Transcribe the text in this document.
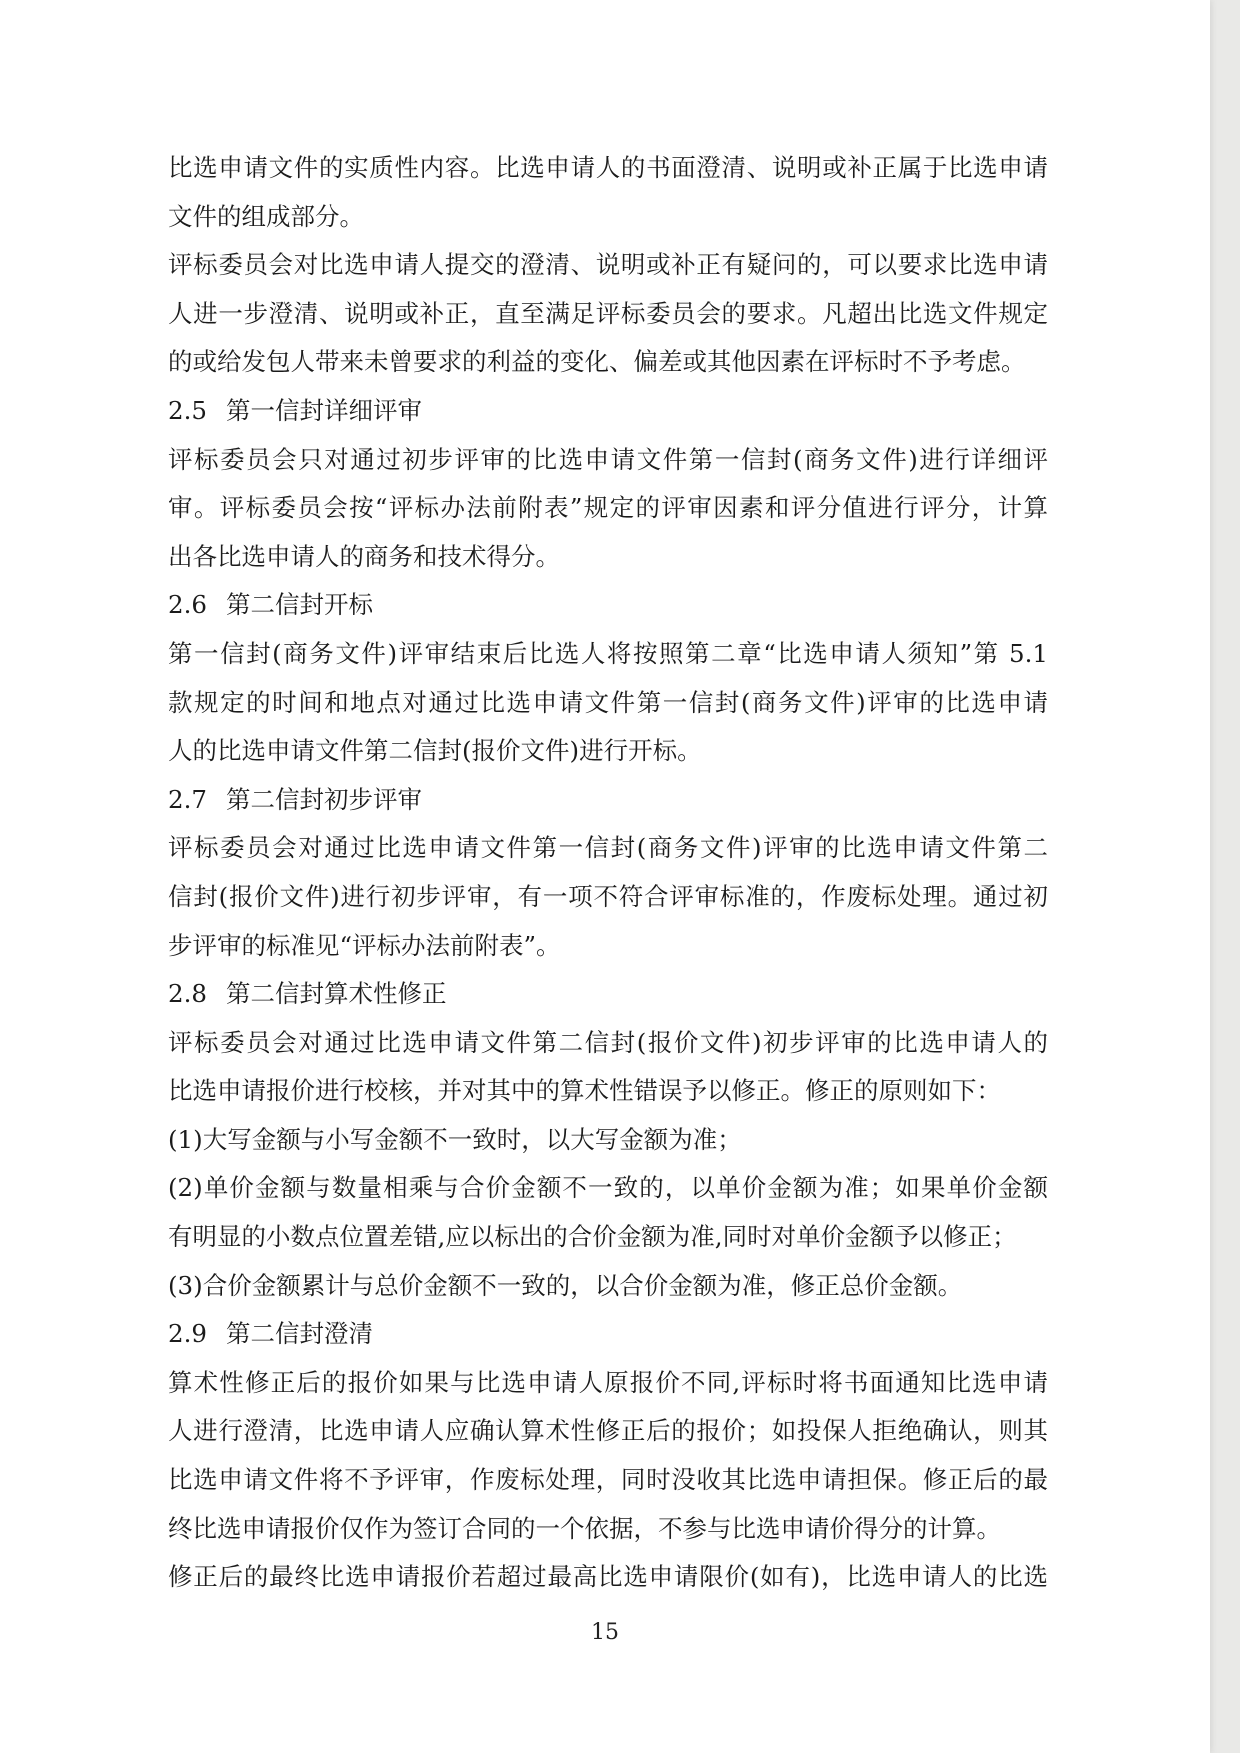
比选申请文件的实质性内容。比选申请人的书面澄清、说明或补正属于比选申请

文件的组成部分。

评标委员会对比选申请人提交的澄清、说明或补正有疑问的，可以要求比选申请

人进一步澄清、说明或补正，直至满足评标委员会的要求。凡超出比选文件规定

的或给发包人带来未曾要求的利益的变化、偏差或其他因素在评标时不予考虑。

2.5 第一信封详细评审

评标委员会只对通过初步评审的比选申请文件第一信封(商务文件)进行详细评

审。评标委员会按“评标办法前附表”规定的评审因素和评分值进行评分，计算

出各比选申请人的商务和技术得分。

2.6 第二信封开标

第一信封(商务文件)评审结束后比选人将按照第二章“比选申请人须知”第 5.1

款规定的时间和地点对通过比选申请文件第一信封(商务文件)评审的比选申请

人的比选申请文件第二信封(报价文件)进行开标。

2.7 第二信封初步评审

评标委员会对通过比选申请文件第一信封(商务文件)评审的比选申请文件第二

信封(报价文件)进行初步评审，有一项不符合评审标准的，作废标处理。通过初

步评审的标准见“评标办法前附表”。

2.8 第二信封算术性修正

评标委员会对通过比选申请文件第二信封(报价文件)初步评审的比选申请人的

比选申请报价进行校核，并对其中的算术性错误予以修正。修正的原则如下：

(1)大写金额与小写金额不一致时，以大写金额为准；

(2)单价金额与数量相乘与合价金额不一致的，以单价金额为准；如果单价金额

有明显的小数点位置差错,应以标出的合价金额为准,同时对单价金额予以修正；

(3)合价金额累计与总价金额不一致的，以合价金额为准，修正总价金额。

2.9 第二信封澄清

算术性修正后的报价如果与比选申请人原报价不同,评标时将书面通知比选申请

人进行澄清，比选申请人应确认算术性修正后的报价；如投保人拒绝确认，则其

比选申请文件将不予评审，作废标处理，同时没收其比选申请担保。修正后的最

终比选申请报价仅作为签订合同的一个依据，不参与比选申请价得分的计算。

修正后的最终比选申请报价若超过最高比选申请限价(如有)，比选申请人的比选

15
